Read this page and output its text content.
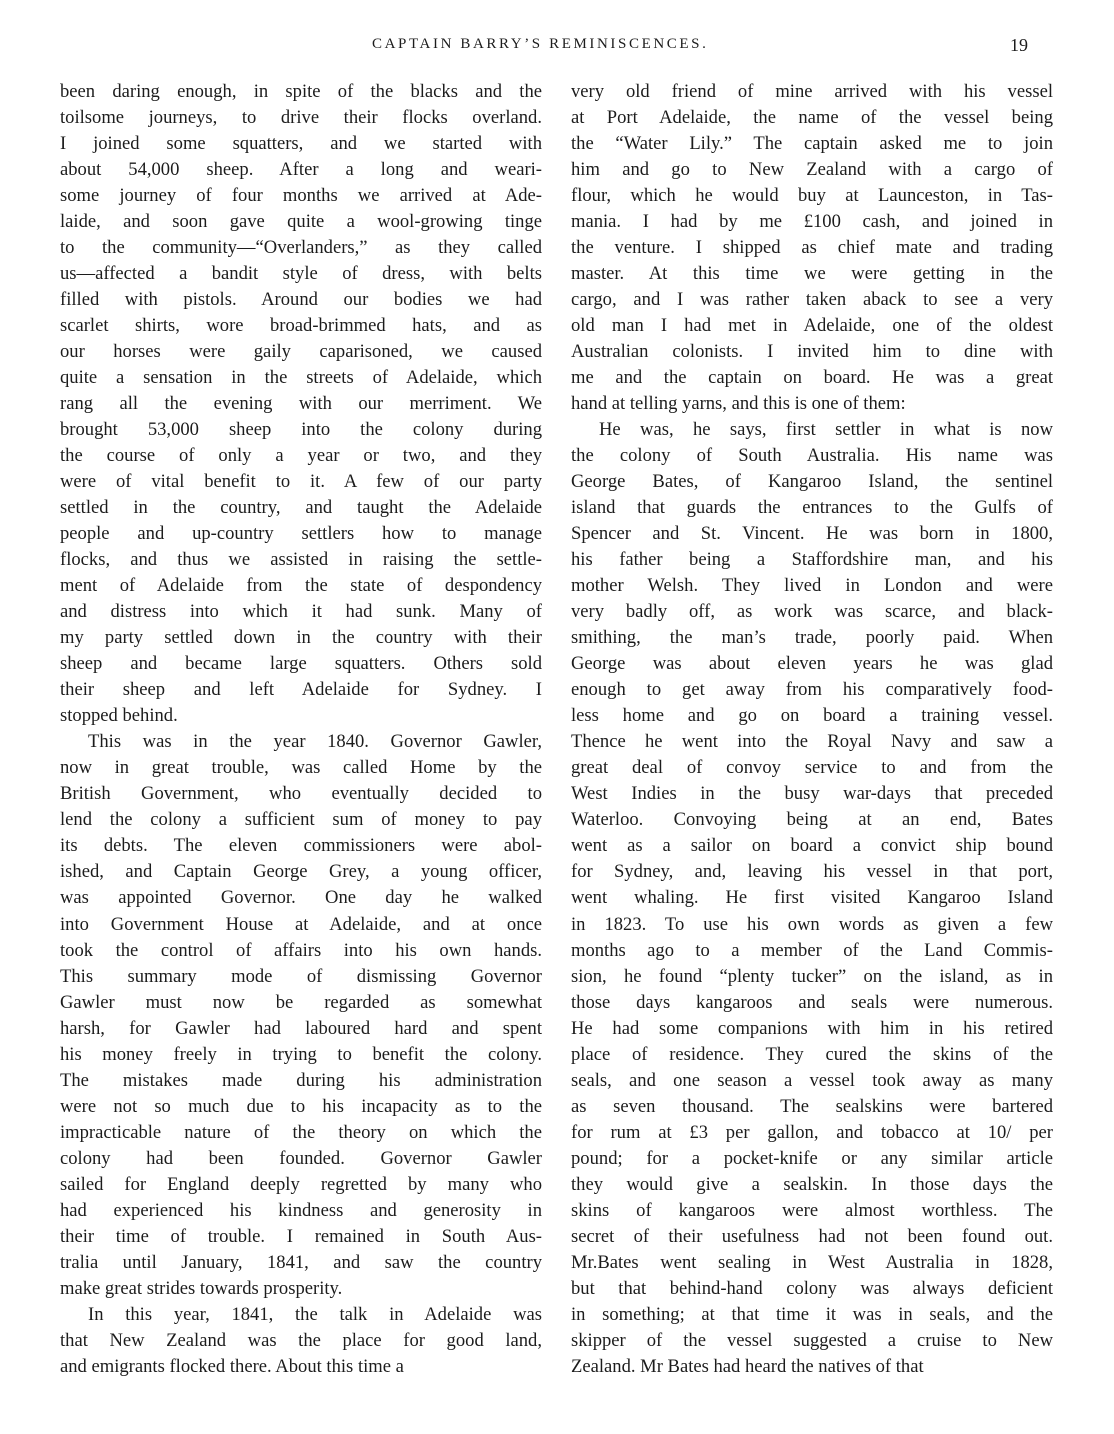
CAPTAIN BARRY’S REMINISCENCES.	19
been daring enough, in spite of the blacks and the
toilsome journeys, to drive their flocks overland.
I joined some squatters, and we started with
about 54,000 sheep. After a long and weari-
some journey of four months we arrived at Ade-
laide, and soon gave quite a wool-growing tinge
to the community—“Overlanders,” as they called
us—affected a bandit style of dress, with belts
filled with pistols. Around our bodies we had
scarlet shirts, wore broad-brimmed hats, and as
our horses were gaily caparisoned, we caused
quite a sensation in the streets of Adelaide, which
rang all the evening with our merriment. We
brought 53,000 sheep into the colony during
the course of only a year or two, and they
were of vital benefit to it. A few of our party
settled in the country, and taught the Adelaide
people and up-country settlers how to manage
flocks, and thus we assisted in raising the settle-
ment of Adelaide from the state of despondency
and distress into which it had sunk. Many of
my party settled down in the country with their
sheep and became large squatters. Others sold
their sheep and left Adelaide for Sydney. I
stopped behind.
This was in the year 1840. Governor Gawler,
now in great trouble, was called Home by the
British Government, who eventually decided to
lend the colony a sufficient sum of money to pay
its debts. The eleven commissioners were abol-
ished, and Captain George Grey, a young officer,
was appointed Governor. One day he walked
into Government House at Adelaide, and at once
took the control of affairs into his own hands.
This summary mode of dismissing Governor
Gawler must now be regarded as somewhat
harsh, for Gawler had laboured hard and spent
his money freely in trying to benefit the colony.
The mistakes made during his administration
were not so much due to his incapacity as to the
impracticable nature of the theory on which the
colony had been founded. Governor Gawler
sailed for England deeply regretted by many who
had experienced his kindness and generosity in
their time of trouble. I remained in South Aus-
tralia until January, 1841, and saw the country
make great strides towards prosperity.
In this year, 1841, the talk in Adelaide was
that New Zealand was the place for good land,
and emigrants flocked there. About this time a
very old friend of mine arrived with his vessel
at Port Adelaide, the name of the vessel being
the “Water Lily.” The captain asked me to join
him and go to New Zealand with a cargo of
flour, which he would buy at Launceston, in Tas-
mania. I had by me £100 cash, and joined in
the venture. I shipped as chief mate and trading
master. At this time we were getting in the
cargo, and I was rather taken aback to see a very
old man I had met in Adelaide, one of the oldest
Australian colonists. I invited him to dine with
me and the captain on board. He was a great
hand at telling yarns, and this is one of them:
He was, he says, first settler in what is now
the colony of South Australia. His name was
George Bates, of Kangaroo Island, the sentinel
island that guards the entrances to the Gulfs of
Spencer and St. Vincent. He was born in 1800,
his father being a Staffordshire man, and his
mother Welsh. They lived in London and were
very badly off, as work was scarce, and black-
smithing, the man’s trade, poorly paid. When
George was about eleven years he was glad
enough to get away from his comparatively food-
less home and go on board a training vessel.
Thence he went into the Royal Navy and saw a
great deal of convoy service to and from the
West Indies in the busy war-days that preceded
Waterloo. Convoying being at an end, Bates
went as a sailor on board a convict ship bound
for Sydney, and, leaving his vessel in that port,
went whaling. He first visited Kangaroo Island
in 1823. To use his own words as given a few
months ago to a member of the Land Commis-
sion, he found “plenty tucker” on the island, as in
those days kangaroos and seals were numerous.
He had some companions with him in his retired
place of residence. They cured the skins of the
seals, and one season a vessel took away as many
as seven thousand. The sealskins were bartered
for rum at £3 per gallon, and tobacco at 10/ per
pound; for a pocket-knife or any similar article
they would give a sealskin. In those days the
skins of kangaroos were almost worthless. The
secret of their usefulness had not been found out.
Mr.Bates went sealing in West Australia in 1828,
but that behind-hand colony was always deficient
in something; at that time it was in seals, and the
skipper of the vessel suggested a cruise to New
Zealand. Mr Bates had heard the natives of that
